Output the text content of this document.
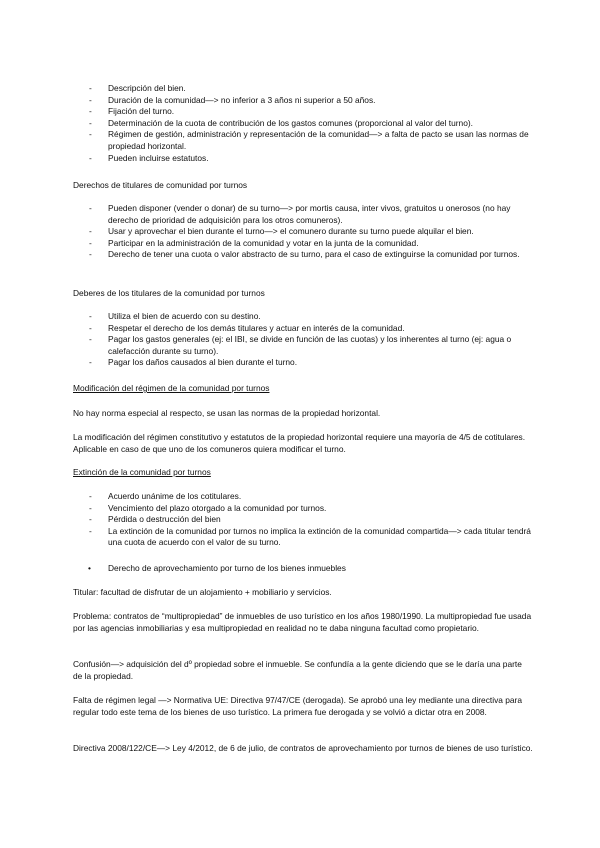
- Descripción del bien.
- Duración de la comunidad—> no inferior a 3 años ni superior a 50 años.
- Fijación del turno.
- Determinación de la cuota de contribución de los gastos comunes (proporcional al valor del turno).
- Régimen de gestión, administración y representación de la comunidad—> a falta de pacto se usan las normas de propiedad horizontal.
- Pueden incluirse estatutos.

Derechos de titulares de comunidad por turnos

- Pueden disponer (vender o donar) de su turno—> por mortis causa, inter vivos, gratuitos u onerosos (no hay derecho de prioridad de adquisición para los otros comuneros).
- Usar y aprovechar el bien durante el turno—> el comunero durante su turno puede alquilar el bien.
- Participar en la administración de la comunidad y votar en la junta de la comunidad.
- Derecho de tener una cuota o valor abstracto de su turno, para el caso de extinguirse la comunidad por turnos.

Deberes de los titulares de la comunidad por turnos

- Utiliza el bien de acuerdo con su destino.
- Respetar el derecho de los demás titulares y actuar en interés de la comunidad.
- Pagar los gastos generales (ej: el IBI, se divide en función de las cuotas) y los inherentes al turno (ej: agua o calefacción durante su turno).
- Pagar los daños causados al bien durante el turno.

Modificación del régimen de la comunidad por turnos

No hay norma especial al respecto, se usan las normas de la propiedad horizontal.

La modificación del régimen constitutivo y estatutos de la propiedad horizontal requiere una mayoría de 4/5 de cotitulares. Aplicable en caso de que uno de los comuneros quiera modificar el turno.

Extinción de la comunidad por turnos

- Acuerdo unánime de los cotitulares.
- Vencimiento del plazo otorgado a la comunidad por turnos.
- Pérdida o destrucción del bien
- La extinción de la comunidad por turnos no implica la extinción de la comunidad compartida—> cada titular tendrá una cuota de acuerdo con el valor de su turno.
• Derecho de aprovechamiento por turno de los bienes inmuebles

Titular: facultad de disfrutar de un alojamiento + mobiliario y servicios.

Problema: contratos de “multipropiedad” de inmuebles de uso turístico en los años 1980/1990. La multipropiedad fue usada por las agencias inmobiliarias y esa multipropiedad en realidad no te daba ninguna facultad como propietario.

Confusión—> adquisición del dº propiedad sobre el inmueble. Se confundía a la gente diciendo que se le daría una parte de la propiedad.

Falta de régimen legal —> Normativa UE: Directiva 97/47/CE (derogada). Se aprobó una ley mediante una directiva para regular todo este tema de los bienes de uso turístico. La primera fue derogada y se volvió a dictar otra en 2008.

Directiva 2008/122/CE—> Ley 4/2012, de 6 de julio, de contratos de aprovechamiento por turnos de bienes de uso turístico.
